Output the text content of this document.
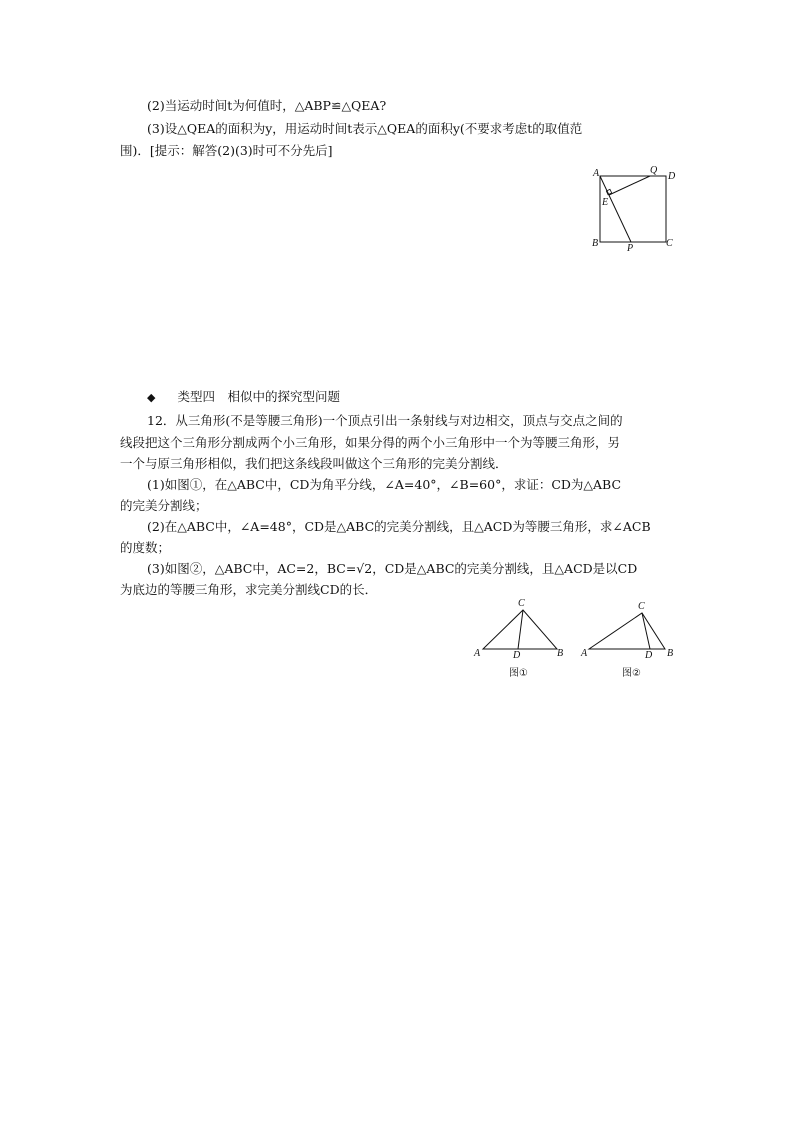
(2)当运动时间t为何值时，△ABP≌△QEA?
(3)设△QEA的面积为y，用运动时间t表示△QEA的面积y(不要求考虑t的取值范
围)．[提示：解答(2)(3)时可不分先后]
A	Q
D
E
B	P	C
◆ 类型四　相似中的探究型问题
12．从三角形(不是等腰三角形)一个顶点引出一条射线与对边相交，顶点与交点之间的
线段把这个三角形分割成两个小三角形，如果分得的两个小三角形中一个为等腰三角形，另
一个与原三角形相似，我们把这条线段叫做这个三角形的完美分割线．
(1)如图①，在△ABC中，CD为角平分线，∠A=40°，∠B=60°，求证：CD为△ABC
的完美分割线；
(2)在△ABC中，∠A=48°，CD是△ABC的完美分割线，且△ACD为等腰三角形，求∠ACB
的度数；
(3)如图②，△ABC中，AC=2，BC=√2，CD是△ABC的完美分割线，且△ACD是以CD
为底边的等腰三角形，求完美分割线CD的长．
C
A	D	B
图①
C
A	D B
图②
